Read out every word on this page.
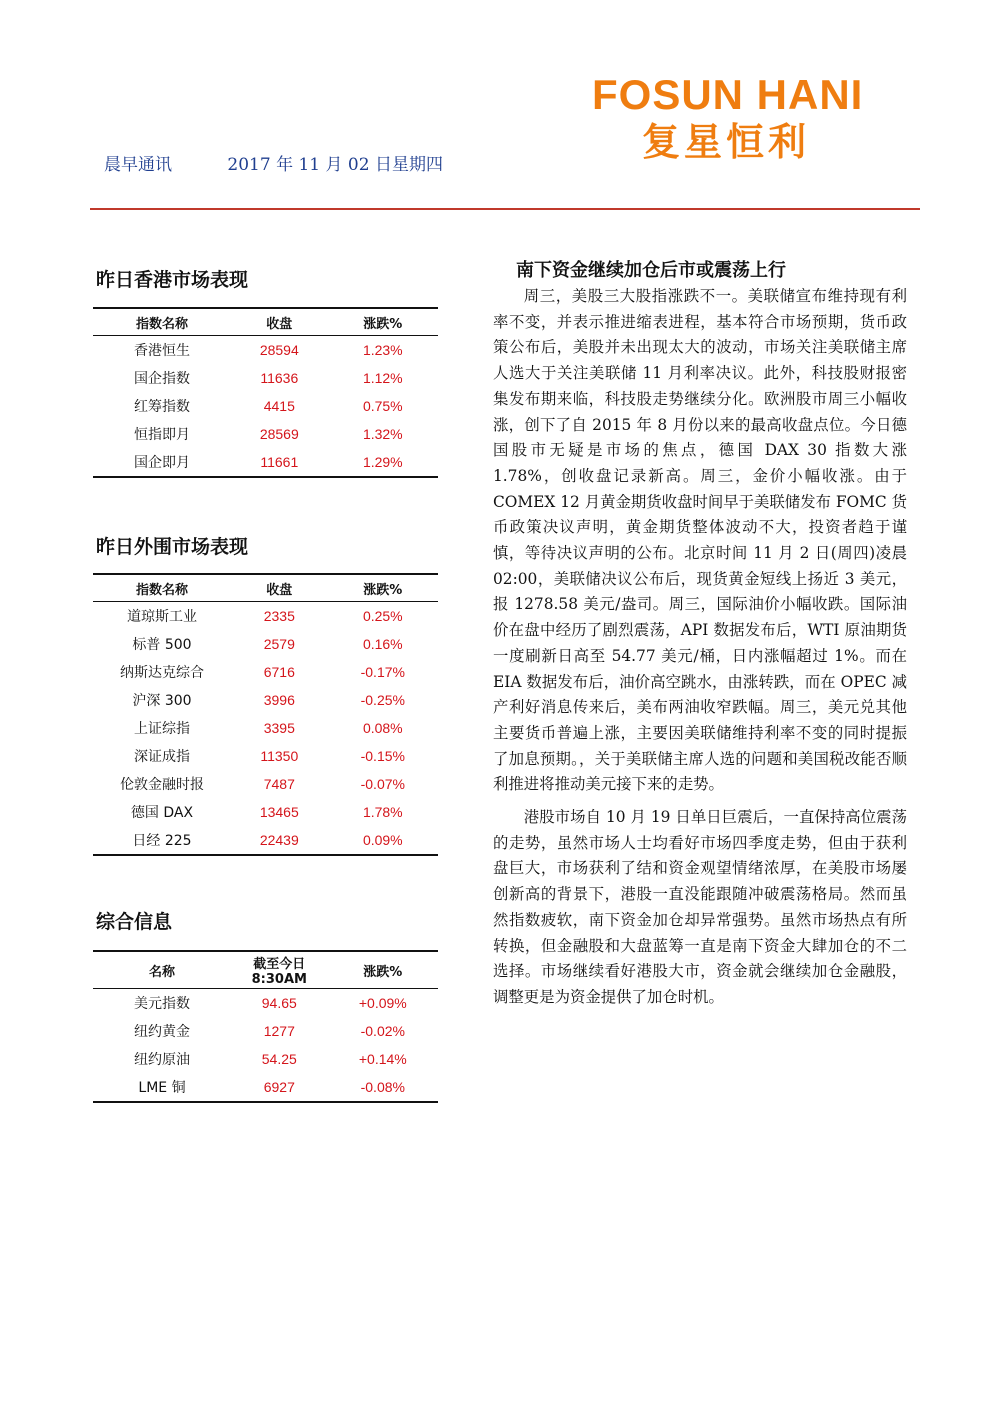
FOSUN HANI
复星恒利
晨早通讯	2017 年 11 月 02 日星期四
昨日香港市场表现
指数名称	收盘	涨跌%
香港恒生	28594	1.23%
国企指数	11636	1.12%
红筹指数	4415	0.75%
恒指即月	28569	1.32%
国企即月	11661	1.29%
昨日外围市场表现
指数名称	收盘	涨跌%
道琼斯工业	2335	0.25%
标普 500	2579	0.16%
纳斯达克综合	6716	-0.17%
沪深 300	3996	-0.25%
上证综指	3395	0.08%
深证成指	11350	-0.15%
伦敦金融时报	7487	-0.07%
德国 DAX	13465	1.78%
日经 225	22439	0.09%
综合信息
名称	截至今日 8:30AM	涨跌%
美元指数	94.65	+0.09%
纽约黄金	1277	-0.02%
纽约原油	54.25	+0.14%
LME 铜	6927	-0.08%
南下资金继续加仓后市或震荡上行

周三，美股三大股指涨跌不一。美联储宣布维持现有利率不变，并表示推进缩表进程，基本符合市场预期，货币政策公布后，美股并未出现太大的波动，市场关注美联储主席人选大于关注美联储 11 月利率决议。此外，科技股财报密集发布期来临，科技股走势继续分化。欧洲股市周三小幅收涨，创下了自 2015 年 8 月份以来的最高收盘点位。今日德国股市无疑是市场的焦点，德国 DAX 30 指数大涨 1.78%，创收盘记录新高。周三，金价小幅收涨。由于 COMEX 12 月黄金期货收盘时间早于美联储发布 FOMC 货币政策决议声明，黄金期货整体波动不大，投资者趋于谨慎，等待决议声明的公布。北京时间 11 月 2 日(周四)凌晨 02:00，美联储决议公布后，现货黄金短线上扬近 3 美元，报 1278.58 美元/盎司。周三，国际油价小幅收跌。国际油价在盘中经历了剧烈震荡，API 数据发布后，WTI 原油期货一度刷新日高至 54.77 美元/桶，日内涨幅超过 1%。而在 EIA 数据发布后，油价高空跳水，由涨转跌，而在 OPEC 减产利好消息传来后，美布两油收窄跌幅。周三，美元兑其他主要货币普遍上涨，主要因美联储维持利率不变的同时提振了加息预期。，关于美联储主席人选的问题和美国税改能否顺利推进将推动美元接下来的走势。

港股市场自 10 月 19 日单日巨震后，一直保持高位震荡的走势，虽然市场人士均看好市场四季度走势，但由于获利盘巨大，市场获利了结和资金观望情绪浓厚，在美股市场屡创新高的背景下，港股一直没能跟随冲破震荡格局。然而虽然指数疲软，南下资金加仓却异常强势。虽然市场热点有所转换，但金融股和大盘蓝筹一直是南下资金大肆加仓的不二选择。市场继续看好港股大市，资金就会继续加仓金融股，调整更是为资金提供了加仓时机。
